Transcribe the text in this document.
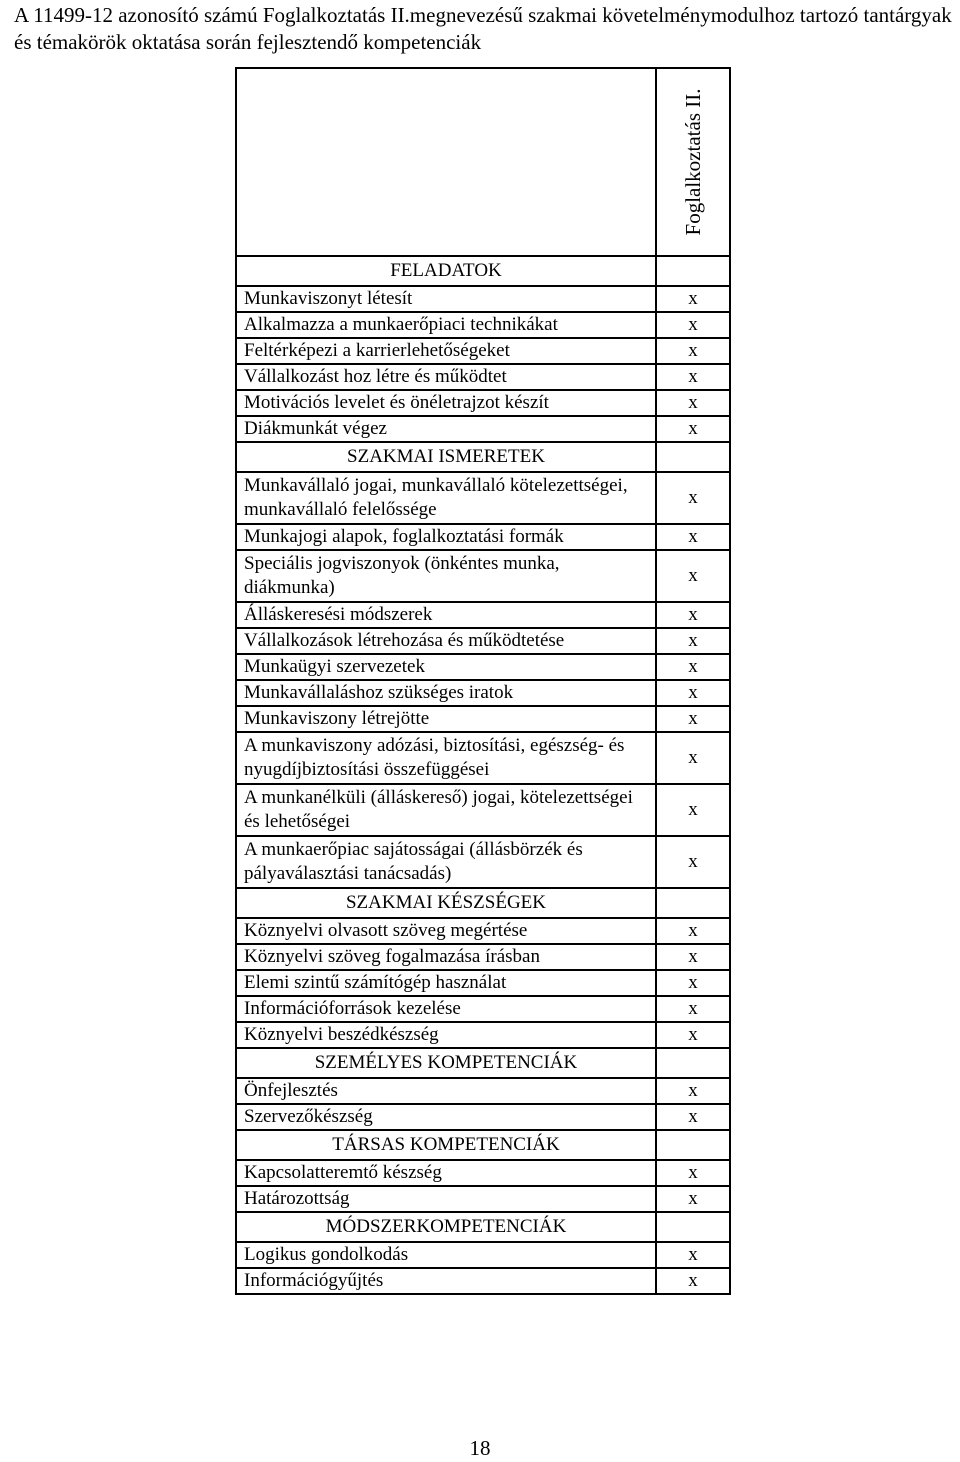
A 11499-12 azonosító számú Foglalkoztatás II.megnevezésű szakmai követelménymodulhoz tartozó tantárgyak és témakörök oktatása során fejlesztendő kompetenciák

	Foglalkoztatás II.

FELADATOK	
Munkaviszonyt létesít	x
Alkalmazza a munkaerőpiaci technikákat	x
Feltérképezi a karrierlehetőségeket	x
Vállalkozást hoz létre és működtet	x
Motivációs levelet és önéletrajzot készít	x
Diákmunkát végez	x
SZAKMAI ISMERETEK	
Munkavállaló jogai, munkavállaló kötelezettségei, munkavállaló felelőssége	x
Munkajogi alapok, foglalkoztatási formák	x
Speciális jogviszonyok (önkéntes munka, diákmunka)	x
Álláskeresési módszerek	x
Vállalkozások létrehozása és működtetése	x
Munkaügyi szervezetek	x
Munkavállaláshoz szükséges iratok	x
Munkaviszony létrejötte	x
A munkaviszony adózási, biztosítási, egészség- és nyugdíjbiztosítási összefüggései	x
A munkanélküli (álláskereső) jogai, kötelezettségei és lehetőségei	x
A munkaerőpiac sajátosságai (állásbörzék és pályaválasztási tanácsadás)	x
SZAKMAI KÉSZSÉGEK	
Köznyelvi olvasott szöveg megértése	x
Köznyelvi szöveg fogalmazása írásban	x
Elemi szintű számítógép használat	x
Információforrások kezelése	x
Köznyelvi beszédkészség	x
SZEMÉLYES KOMPETENCIÁK	
Önfejlesztés	x
Szervezőkészség	x
TÁRSAS KOMPETENCIÁK	
Kapcsolatteremtő készség	x
Határozottság	x
MÓDSZERKOMPETENCIÁK	
Logikus gondolkodás	x
Információgyűjtés	x
18
